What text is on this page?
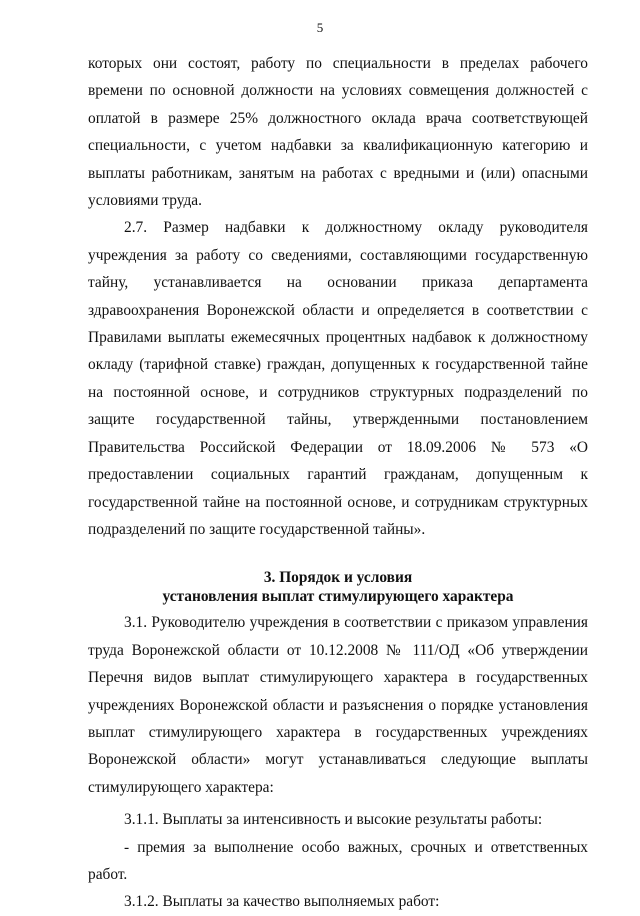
5

которых они состоят, работу по специальности в пределах рабочего времени по основной должности на условиях совмещения должностей с оплатой в размере 25% должностного оклада врача соответствующей специальности, с учетом надбавки за квалификационную категорию и выплаты работникам, занятым на работах с вредными и (или) опасными условиями труда.

2.7. Размер надбавки к должностному окладу руководителя учреждения за работу со сведениями, составляющими государственную тайну, устанавливается на основании приказа департамента здравоохранения Воронежской области и определяется в соответствии с Правилами выплаты ежемесячных процентных надбавок к должностному окладу (тарифной ставке) граждан, допущенных к государственной тайне на постоянной основе, и сотрудников структурных подразделений по защите государственной тайны, утвержденными постановлением Правительства Российской Федерации от 18.09.2006 № 573 «О предоставлении социальных гарантий гражданам, допущенным к государственной тайне на постоянной основе, и сотрудникам структурных подразделений по защите государственной тайны».

3. Порядок и условия
установления выплат стимулирующего характера

3.1. Руководителю учреждения в соответствии с приказом управления труда Воронежской области от 10.12.2008 № 111/ОД «Об утверждении Перечня видов выплат стимулирующего характера в государственных учреждениях Воронежской области и разъяснения о порядке установления выплат стимулирующего характера в государственных учреждениях Воронежской области» могут устанавливаться следующие выплаты стимулирующего характера:

3.1.1. Выплаты за интенсивность и высокие результаты работы:

- премия за выполнение особо важных, срочных и ответственных работ.

3.1.2. Выплаты за качество выполняемых работ:
